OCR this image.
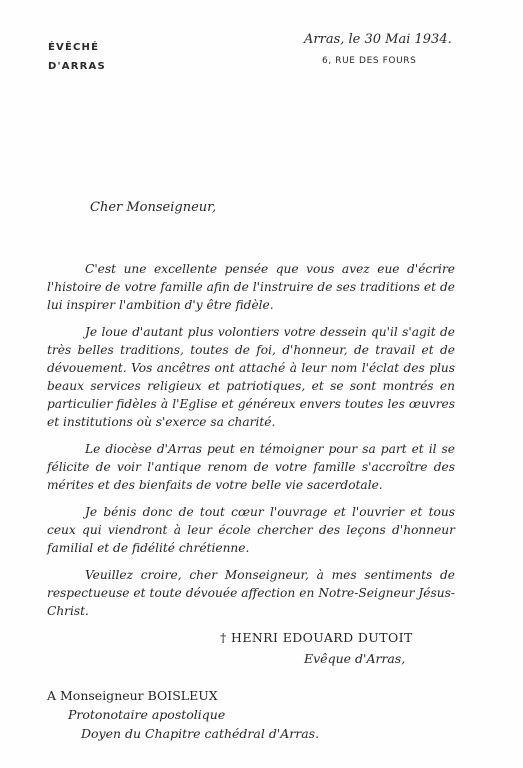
ÉVÊCHÉ
D'ARRAS
Arras, le 30 Mai 1934.
6, RUE DES FOURS
Cher Monseigneur,

C'est une excellente pensée que vous avez eue d'écrire l'histoire de votre famille afin de l'instruire de ses traditions et de lui inspirer l'ambition d'y être fidèle.

Je loue d'autant plus volontiers votre dessein qu'il s'agit de très belles traditions, toutes de foi, d'honneur, de travail et de dévouement. Vos ancêtres ont attaché à leur nom l'éclat des plus beaux services religieux et patriotiques, et se sont montrés en particulier fidèles à l'Eglise et généreux envers toutes les œuvres et institutions où s'exerce sa charité.

Le diocèse d'Arras peut en témoigner pour sa part et il se félicite de voir l'antique renom de votre famille s'accroître des mérites et des bienfaits de votre belle vie sacerdotale.

Je bénis donc de tout cœur l'ouvrage et l'ouvrier et tous ceux qui viendront à leur école chercher des leçons d'honneur familial et de fidélité chrétienne.

Veuillez croire, cher Monseigneur, à mes sentiments de respectueuse et toute dévouée affection en Notre-Seigneur Jésus-Christ.

† HENRI EDOUARD DUTOIT
Evêque d'Arras,
A Monseigneur BOISLEUX
Protonotaire apostolique
Doyen du Chapitre cathédral d'Arras.
